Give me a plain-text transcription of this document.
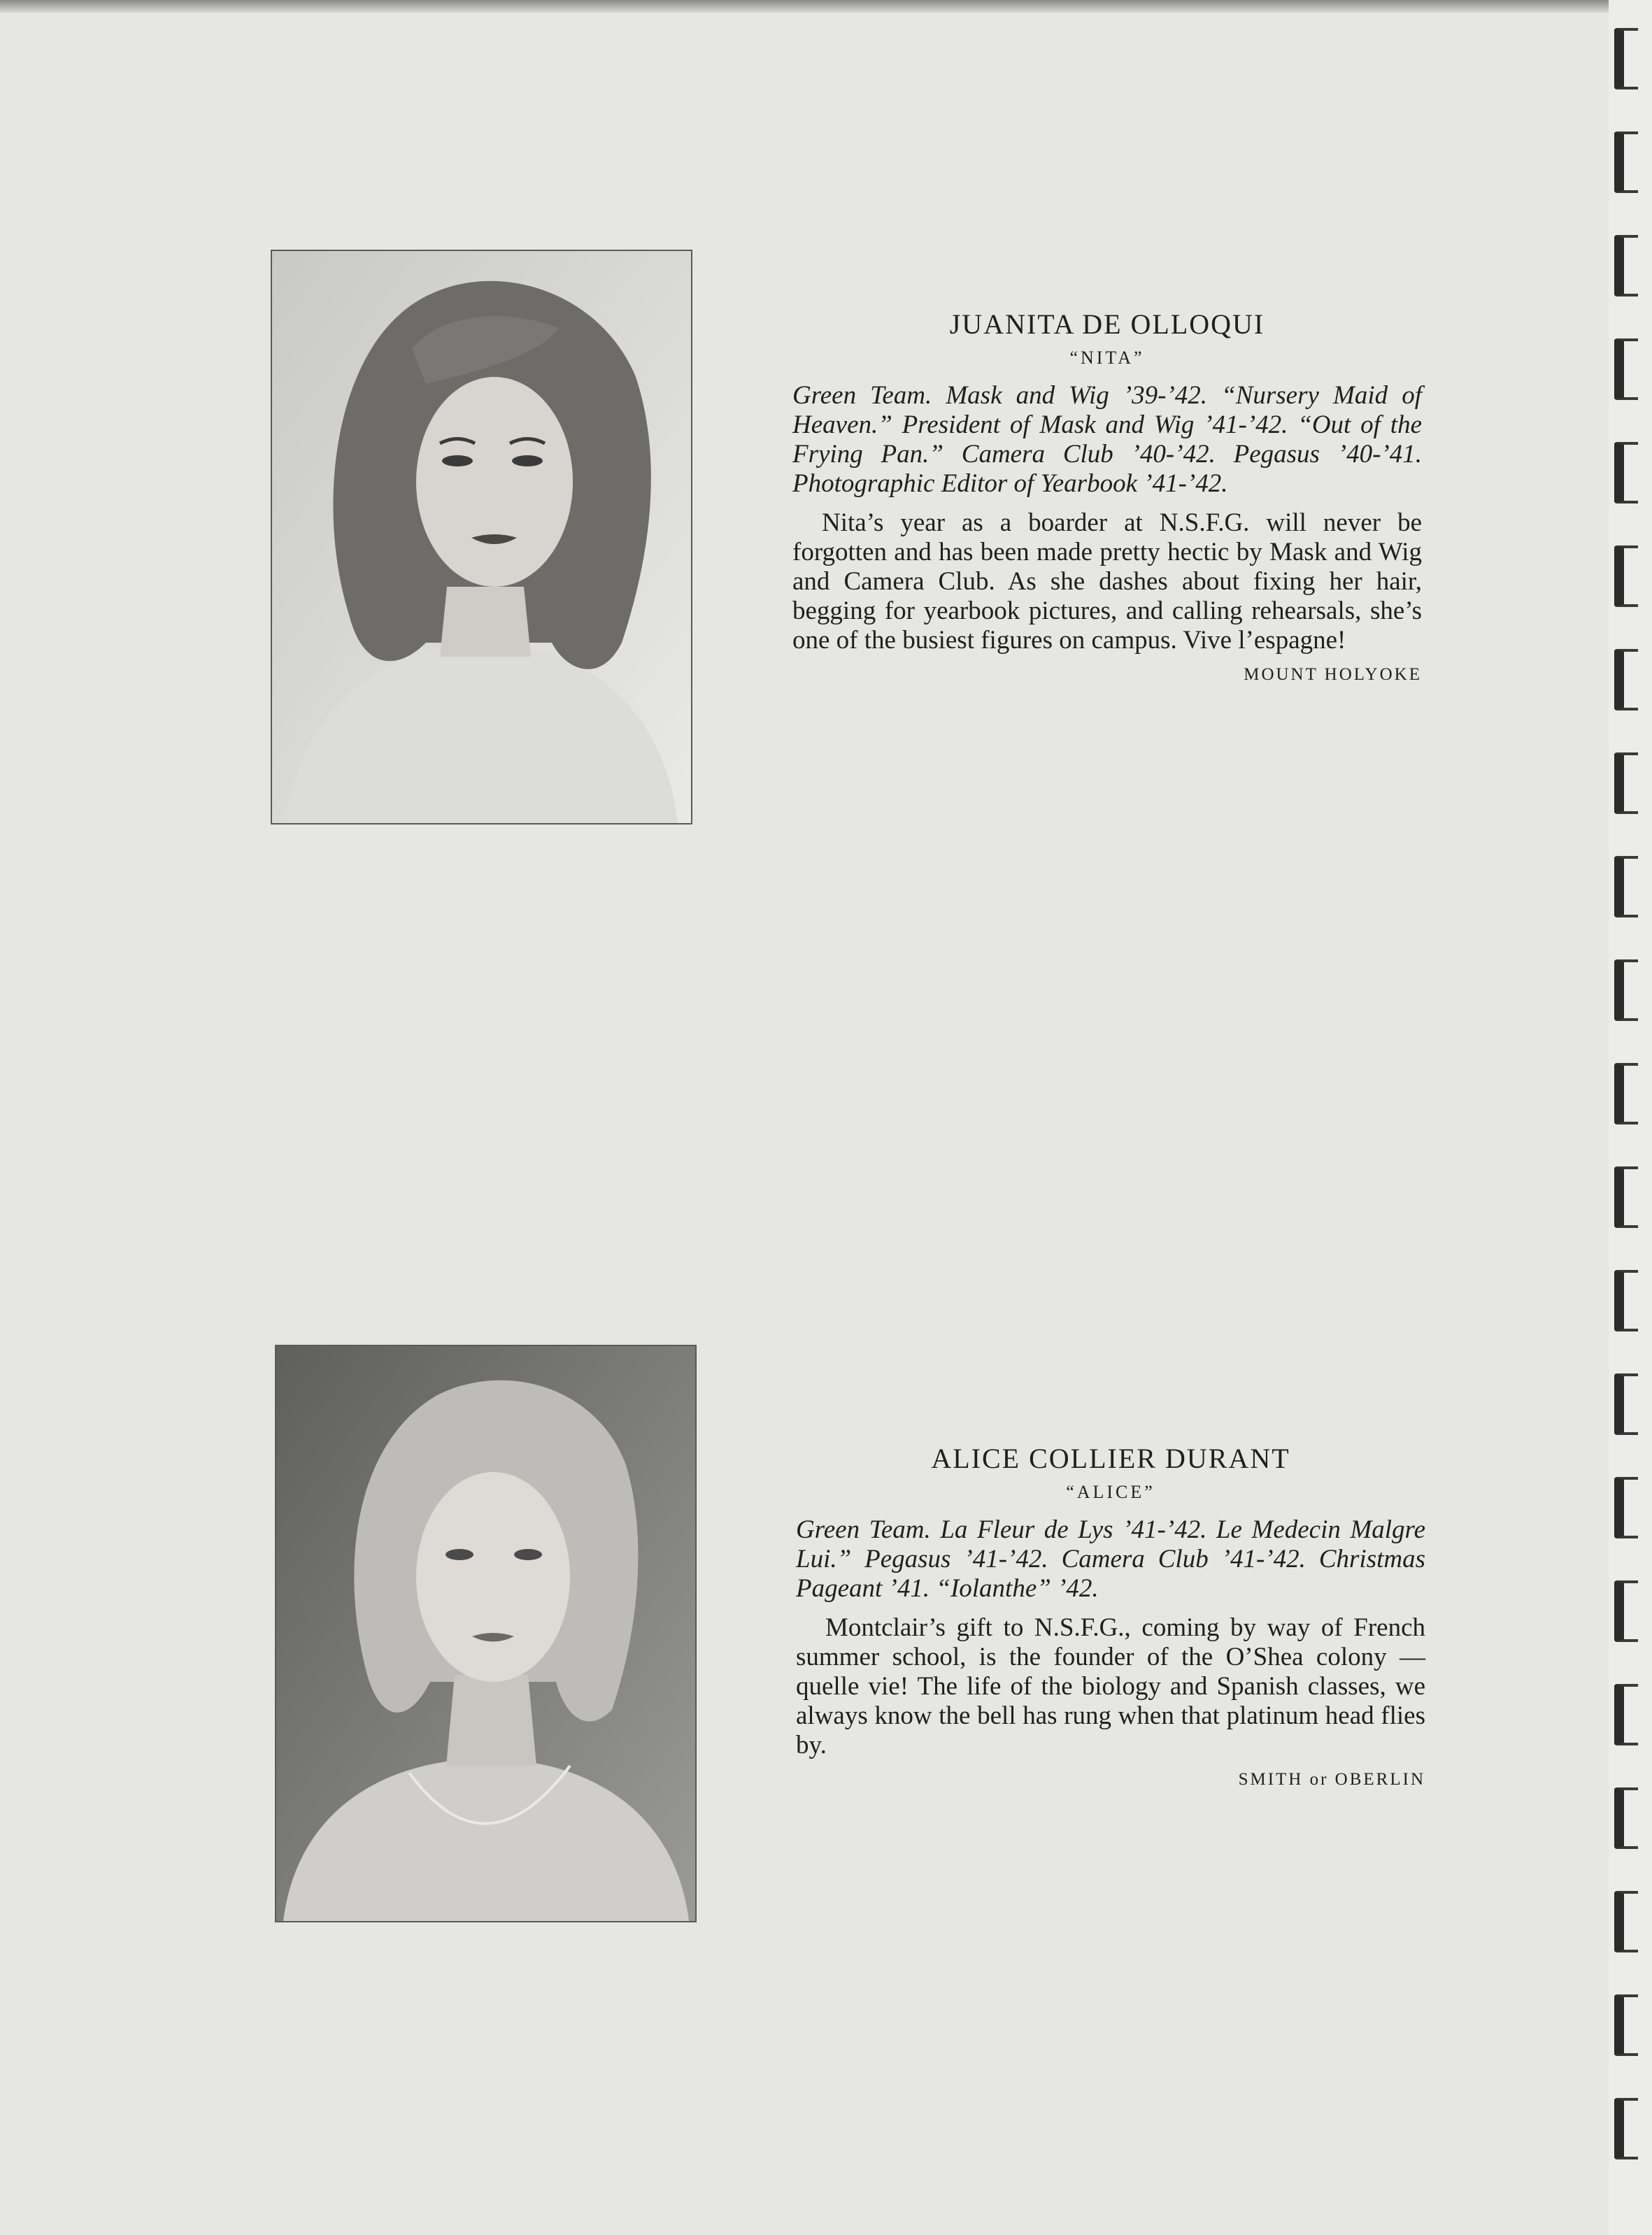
JUANITA DE OLLOQUI

“NITA”

Green Team. Mask and Wig ’39-’42. “Nursery Maid of Heaven.” President of Mask and Wig ’41-’42. “Out of the Frying Pan.” Camera Club ’40-’42. Pegasus ’40-’41. Photographic Editor of Yearbook ’41-’42.

Nita’s year as a boarder at N.S.F.G. will never be forgotten and has been made pretty hectic by Mask and Wig and Camera Club. As she dashes about fixing her hair, begging for yearbook pictures, and calling rehearsals, she’s one of the busiest figures on campus. Vive l’espagne!

MOUNT HOLYOKE

ALICE COLLIER DURANT

“ALICE”

Green Team. La Fleur de Lys ’41-’42. Le Medecin Malgre Lui.” Pegasus ’41-’42. Camera Club ’41-’42. Christmas Pageant ’41. “Iolanthe” ’42.

Montclair’s gift to N.S.F.G., coming by way of French summer school, is the founder of the O’Shea colony — quelle vie! The life of the biology and Spanish classes, we always know the bell has rung when that platinum head flies by.

SMITH or OBERLIN
